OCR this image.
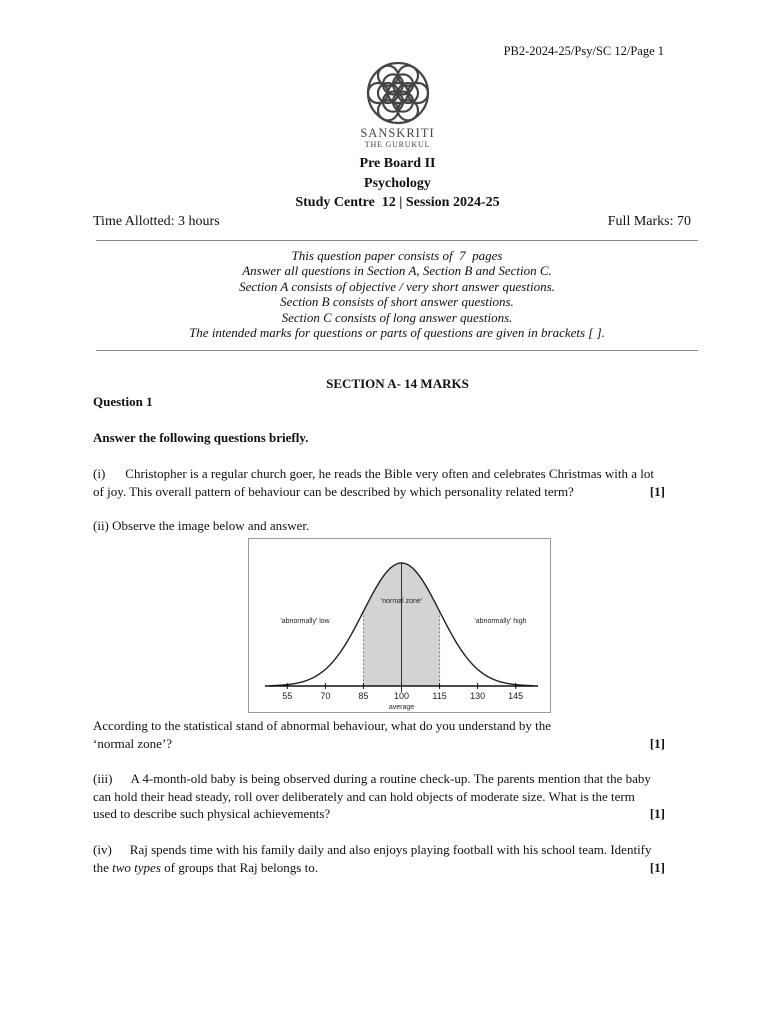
PB2-2024-25/Psy/SC 12/Page 1
SANSKRITI
THE GURUKUL
Pre Board II
Psychology
Study Centre  12 | Session 2024-25
Time Allotted: 3 hours	Full Marks: 70
This question paper consists of  7  pages
Answer all questions in Section A, Section B and Section C.
Section A consists of objective / very short answer questions.
Section B consists of short answer questions.
Section C consists of long answer questions.
The intended marks for questions or parts of questions are given in brackets [ ].
SECTION A- 14 MARKS
Question 1
Answer the following questions briefly.
(i) Christopher is a regular church goer, he reads the Bible very often and celebrates Christmas with a lot
of joy. This overall pattern of behaviour can be described by which personality related term?	[1]
(ii) Observe the image below and answer.
55	70	85	100	115	130	145
average
'abnormally' low
'normal zone'
'abnormally' high
According to the statistical stand of abnormal behaviour, what do you understand by the
‘normal zone’?	[1]
(iii) A 4-month-old baby is being observed during a routine check-up. The parents mention that the baby
can hold their head steady, roll over deliberately and can hold objects of moderate size. What is the term
used to describe such physical achievements?	[1]
(iv) Raj spends time with his family daily and also enjoys playing football with his school team. Identify
the two types of groups that Raj belongs to.	[1]
